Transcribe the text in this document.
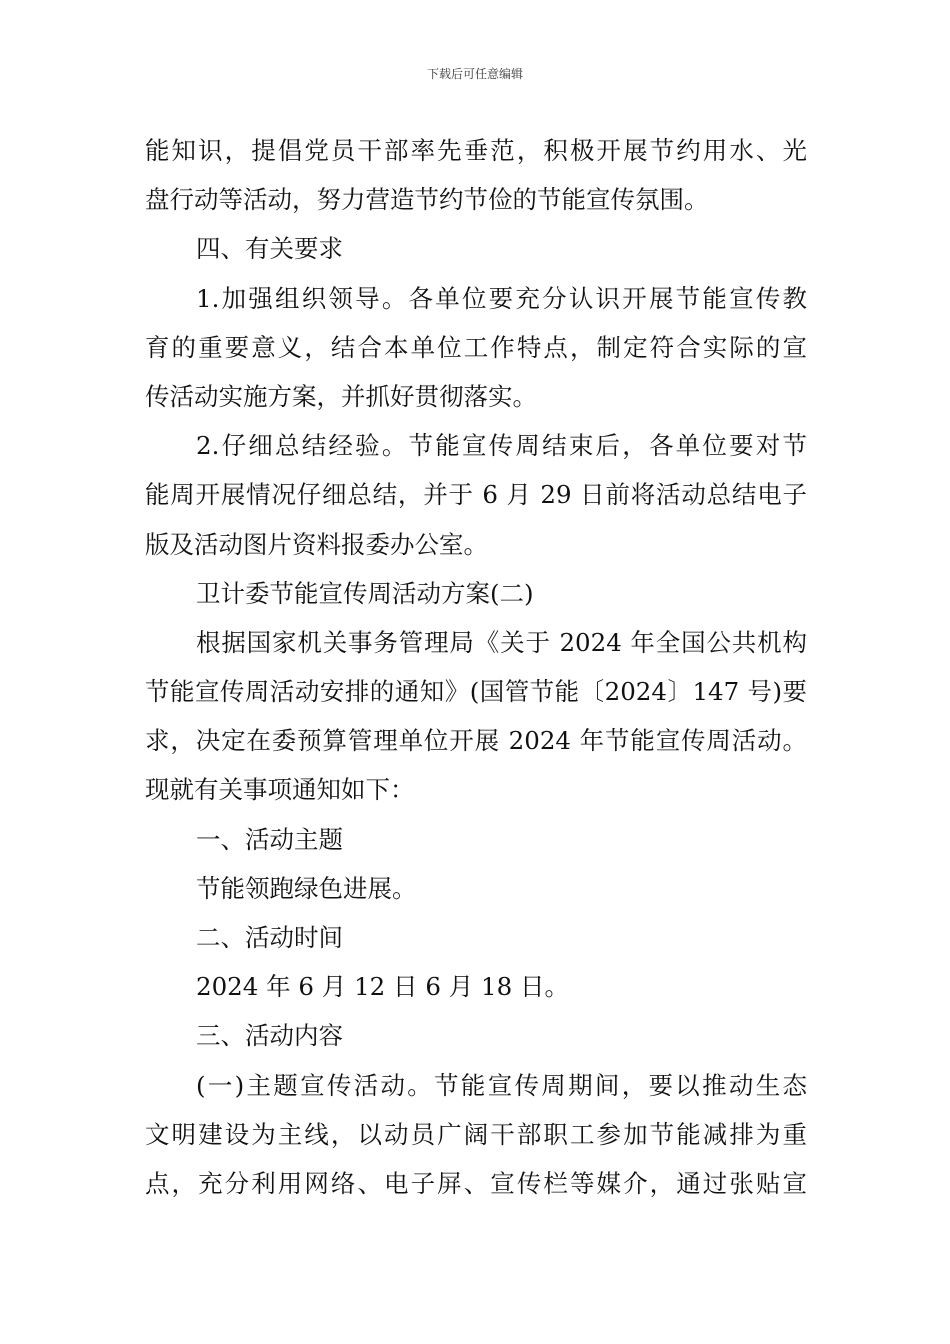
下载后可任意编辑
能知识，提倡党员干部率先垂范，积极开展节约用水、光
盘行动等活动，努力营造节约节俭的节能宣传氛围。
四、有关要求
1.加强组织领导。各单位要充分认识开展节能宣传教
育的重要意义，结合本单位工作特点，制定符合实际的宣
传活动实施方案，并抓好贯彻落实。
2.仔细总结经验。节能宣传周结束后，各单位要对节
能周开展情况仔细总结，并于 6 月 29 日前将活动总结电子
版及活动图片资料报委办公室。
卫计委节能宣传周活动方案(二)
根据国家机关事务管理局《关于 2024 年全国公共机构
节能宣传周活动安排的通知》(国管节能〔2024〕147 号)要
求，决定在委预算管理单位开展 2024 年节能宣传周活动。
现就有关事项通知如下：
一、活动主题
节能领跑绿色进展。
二、活动时间
2024 年 6 月 12 日 6 月 18 日。
三、活动内容
(一)主题宣传活动。节能宣传周期间，要以推动生态
文明建设为主线，以动员广阔干部职工参加节能减排为重
点，充分利用网络、电子屏、宣传栏等媒介，通过张贴宣
